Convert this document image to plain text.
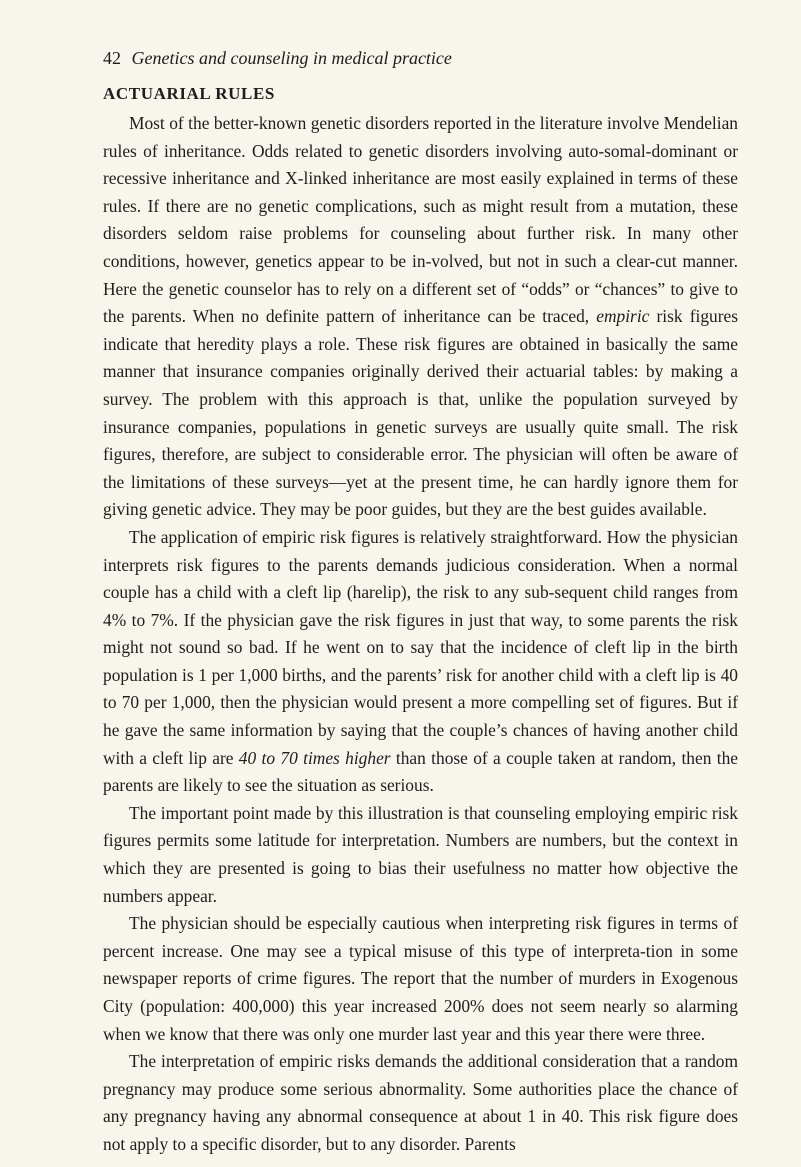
42 Genetics and counseling in medical practice
ACTUARIAL RULES

Most of the better-known genetic disorders reported in the literature involve Mendelian rules of inheritance. Odds related to genetic disorders involving auto-somal-dominant or recessive inheritance and X-linked inheritance are most easily explained in terms of these rules. If there are no genetic complications, such as might result from a mutation, these disorders seldom raise problems for counseling about further risk. In many other conditions, however, genetics appear to be in-volved, but not in such a clear-cut manner. Here the genetic counselor has to rely on a different set of “odds” or “chances” to give to the parents. When no definite pattern of inheritance can be traced, empiric risk figures indicate that heredity plays a role. These risk figures are obtained in basically the same manner that insurance companies originally derived their actuarial tables: by making a survey. The problem with this approach is that, unlike the population surveyed by insurance companies, populations in genetic surveys are usually quite small. The risk figures, therefore, are subject to considerable error. The physician will often be aware of the limitations of these surveys—yet at the present time, he can hardly ignore them for giving genetic advice. They may be poor guides, but they are the best guides available.

The application of empiric risk figures is relatively straightforward. How the physician interprets risk figures to the parents demands judicious consideration. When a normal couple has a child with a cleft lip (harelip), the risk to any sub-sequent child ranges from 4% to 7%. If the physician gave the risk figures in just that way, to some parents the risk might not sound so bad. If he went on to say that the incidence of cleft lip in the birth population is 1 per 1,000 births, and the parents’ risk for another child with a cleft lip is 40 to 70 per 1,000, then the physician would present a more compelling set of figures. But if he gave the same information by saying that the couple’s chances of having another child with a cleft lip are 40 to 70 times higher than those of a couple taken at random, then the parents are likely to see the situation as serious.

The important point made by this illustration is that counseling employing empiric risk figures permits some latitude for interpretation. Numbers are numbers, but the context in which they are presented is going to bias their usefulness no matter how objective the numbers appear.

The physician should be especially cautious when interpreting risk figures in terms of percent increase. One may see a typical misuse of this type of interpreta-tion in some newspaper reports of crime figures. The report that the number of murders in Exogenous City (population: 400,000) this year increased 200% does not seem nearly so alarming when we know that there was only one murder last year and this year there were three.

The interpretation of empiric risks demands the additional consideration that a random pregnancy may produce some serious abnormality. Some authorities place the chance of any pregnancy having any abnormal consequence at about 1 in 40. This risk figure does not apply to a specific disorder, but to any disorder. Parents
